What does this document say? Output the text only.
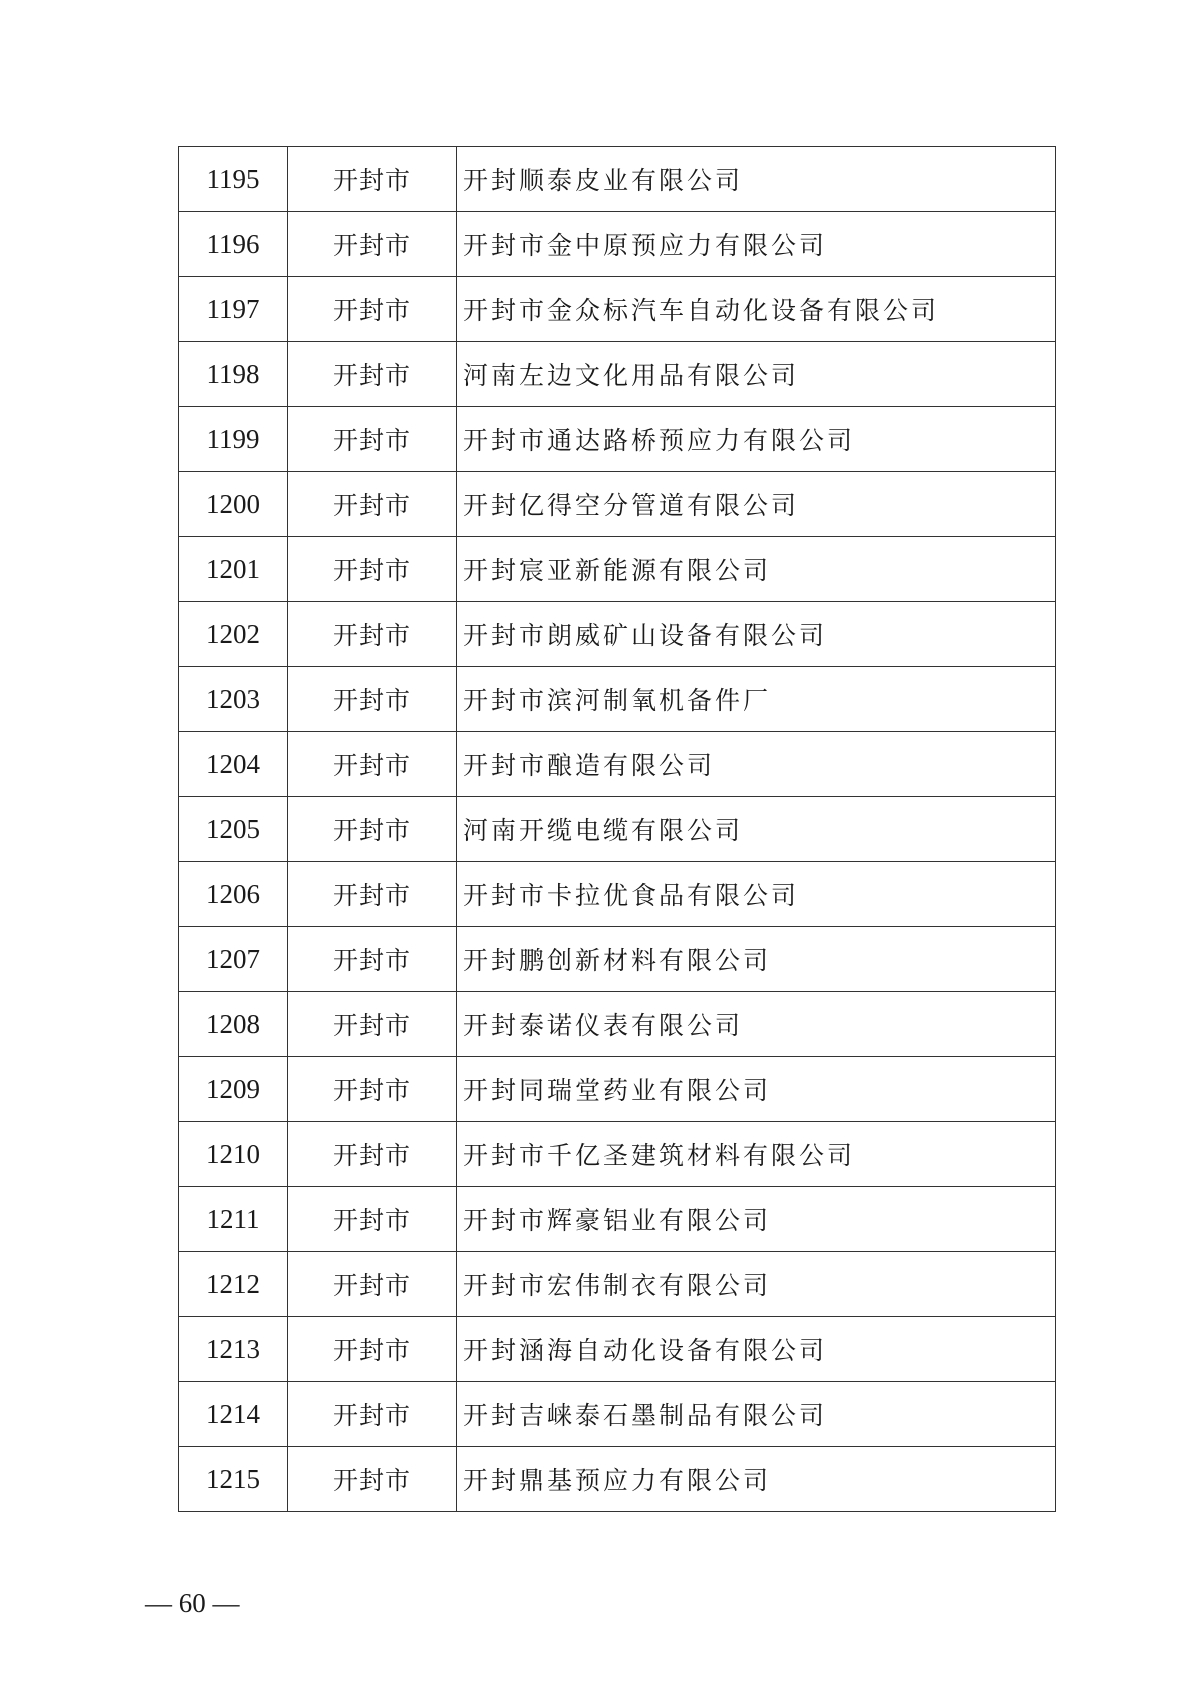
1195	开封市	开封顺泰皮业有限公司
1196	开封市	开封市金中原预应力有限公司
1197	开封市	开封市金众标汽车自动化设备有限公司
1198	开封市	河南左边文化用品有限公司
1199	开封市	开封市通达路桥预应力有限公司
1200	开封市	开封亿得空分管道有限公司
1201	开封市	开封宸亚新能源有限公司
1202	开封市	开封市朗威矿山设备有限公司
1203	开封市	开封市滨河制氧机备件厂
1204	开封市	开封市酿造有限公司
1205	开封市	河南开缆电缆有限公司
1206	开封市	开封市卡拉优食品有限公司
1207	开封市	开封鹏创新材料有限公司
1208	开封市	开封泰诺仪表有限公司
1209	开封市	开封同瑞堂药业有限公司
1210	开封市	开封市千亿圣建筑材料有限公司
1211	开封市	开封市辉豪铝业有限公司
1212	开封市	开封市宏伟制衣有限公司
1213	开封市	开封涵海自动化设备有限公司
1214	开封市	开封吉崃泰石墨制品有限公司
1215	开封市	开封鼎基预应力有限公司
— 60 —
